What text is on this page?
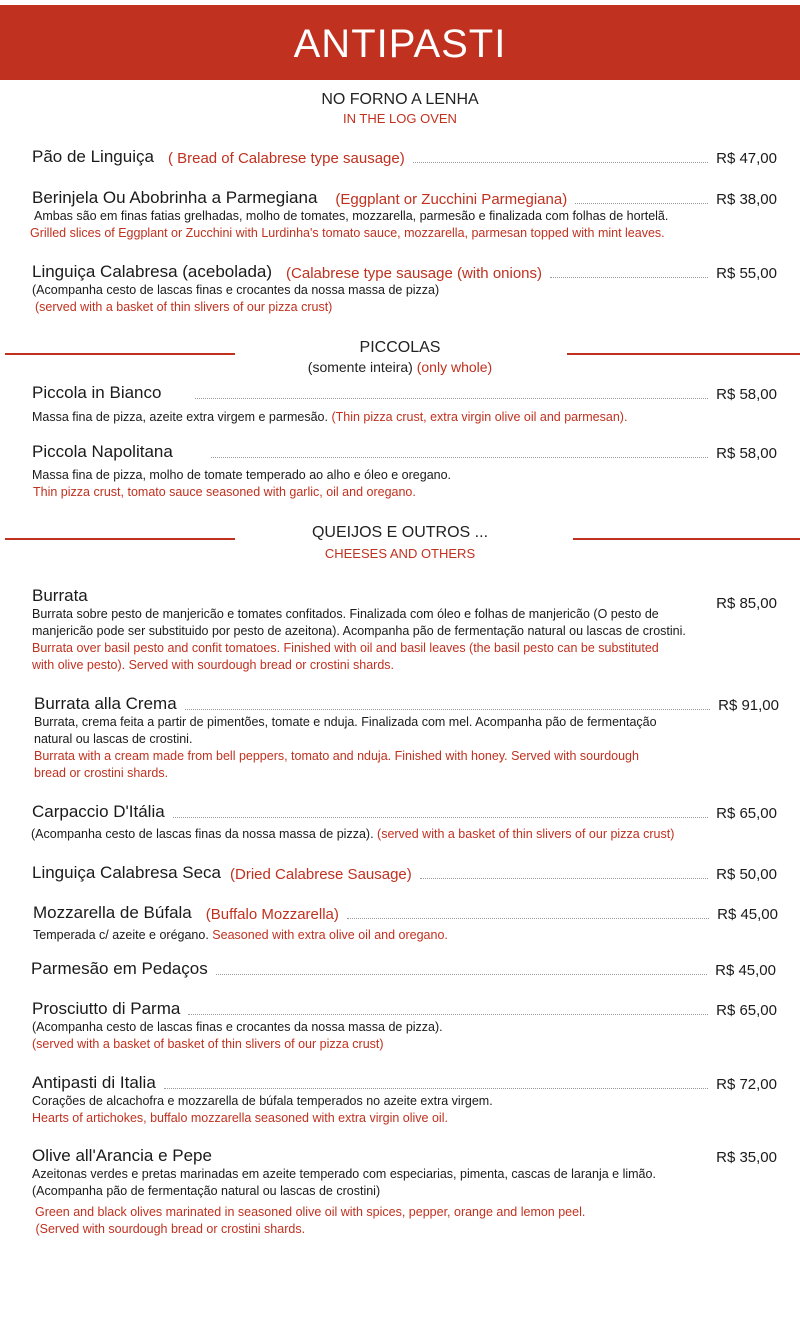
ANTIPASTI
NO FORNO A LENHA
IN THE LOG OVEN
Pão de Linguiça ( Bread of Calabrese type sausage)	R$ 47,00
Berinjela Ou Abobrinha a Parmegiana (Eggplant or Zucchini Parmegiana)	R$ 38,00
Ambas são em finas fatias grelhadas, molho de tomates, mozzarella, parmesão e finalizada com folhas de hortelã.
Grilled slices of Eggplant or Zucchini with Lurdinha's tomato sauce, mozzarella, parmesan topped with mint leaves.
Linguiça Calabresa (acebolada) (Calabrese type sausage (with onions)	R$ 55,00
(Acompanha cesto de lascas finas e crocantes da nossa massa de pizza)
(served with a basket of thin slivers of our pizza crust)
PICCOLAS
(somente inteira) (only whole)
Piccola in Bianco	R$ 58,00
Massa fina de pizza, azeite extra virgem e parmesão. (Thin pizza crust, extra virgin olive oil and parmesan).
Piccola Napolitana	R$ 58,00
Massa fina de pizza, molho de tomate temperado ao alho e óleo e oregano.
Thin pizza crust, tomato sauce seasoned with garlic, oil and oregano.
QUEIJOS E OUTROS ...
CHEESES AND OTHERS
Burrata	R$ 85,00
Burrata sobre pesto de manjericão e tomates confitados. Finalizada com óleo e folhas de manjericão (O pesto de
manjericão pode ser substituido por pesto de azeitona). Acompanha pão de fermentação natural ou lascas de crostini.
Burrata over basil pesto and confit tomatoes. Finished with oil and basil leaves (the basil pesto can be substituted
with olive pesto). Served with sourdough bread or crostini shards.
Burrata alla Crema	R$ 91,00
Burrata, crema feita a partir de pimentões, tomate e nduja. Finalizada com mel. Acompanha pão de fermentação
natural ou lascas de crostini.
Burrata with a cream made from bell peppers, tomato and nduja. Finished with honey. Served with sourdough
bread or crostini shards.
Carpaccio D'Itália	R$ 65,00
(Acompanha cesto de lascas finas da nossa massa de pizza). (served with a basket of thin slivers of our pizza crust)
Linguiça Calabresa Seca (Dried Calabrese Sausage)	R$ 50,00
Mozzarella de Búfala (Buffalo Mozzarella)	R$ 45,00
Temperada c/ azeite e orégano. Seasoned with extra olive oil and oregano.
Parmesão em Pedaços	R$ 45,00
Prosciutto di Parma	R$ 65,00
(Acompanha cesto de lascas finas e crocantes da nossa massa de pizza).
(served with a basket of basket of thin slivers of our pizza crust)
Antipasti di Italia	R$ 72,00
Corações de alcachofra e mozzarella de búfala temperados no azeite extra virgem.
Hearts of artichokes, buffalo mozzarella seasoned with extra virgin olive oil.
Olive all'Arancia e Pepe	R$ 35,00
Azeitonas verdes e pretas marinadas em azeite temperado com especiarias, pimenta, cascas de laranja e limão.
(Acompanha pão de fermentação natural ou lascas de crostini)
Green and black olives marinated in seasoned olive oil with spices, pepper, orange and lemon peel.
(Served with sourdough bread or crostini shards.
